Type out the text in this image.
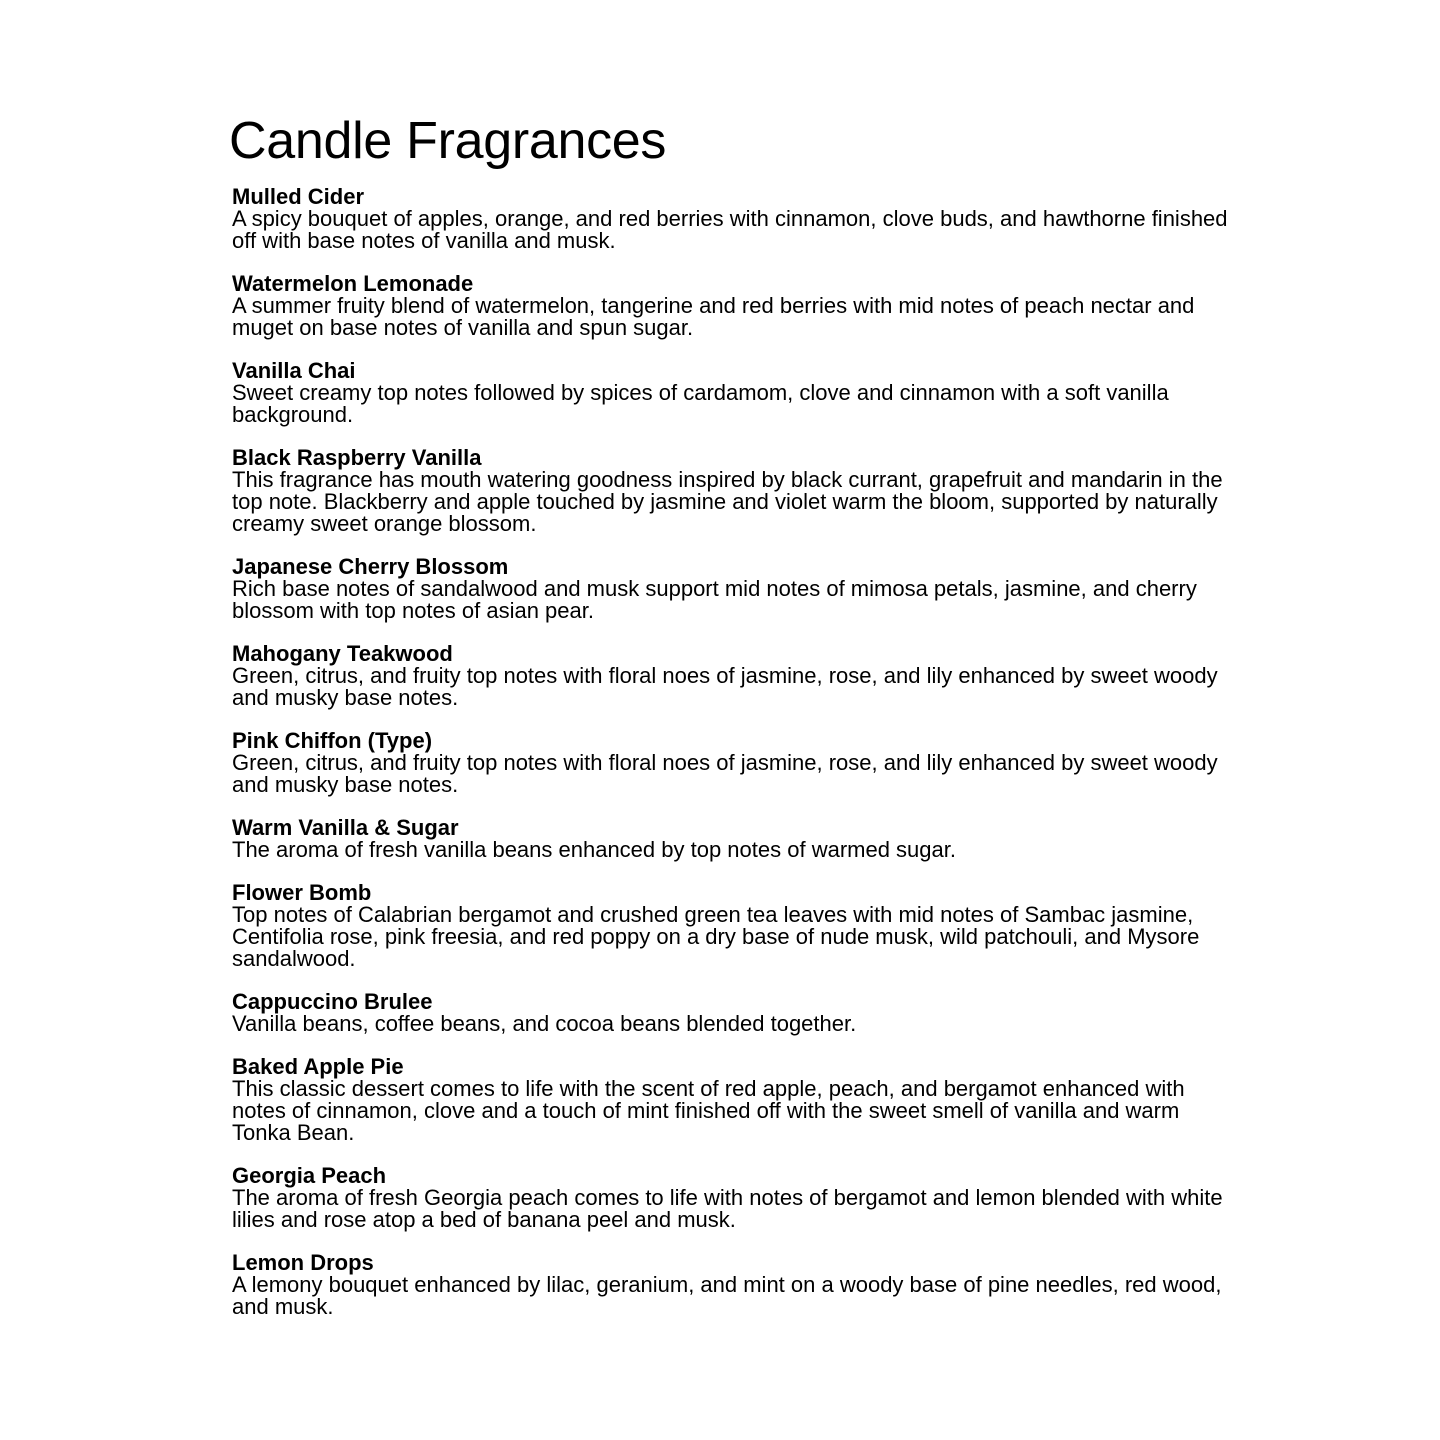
Candle Fragrances
Mulled Cider
A spicy bouquet of apples, orange, and red berries with cinnamon, clove buds, and hawthorne finished off with base notes of vanilla and musk.
Watermelon Lemonade
A summer fruity blend of watermelon, tangerine and red berries with mid notes of peach nectar and muget on base notes of vanilla and spun sugar.
Vanilla Chai
Sweet creamy top notes followed by spices of cardamom, clove and cinnamon with a soft vanilla background.
Black Raspberry Vanilla
This fragrance has mouth watering goodness inspired by black currant, grapefruit and mandarin in the top note. Blackberry and apple touched by jasmine and violet warm the bloom, supported by naturally creamy sweet orange blossom.
Japanese Cherry Blossom
Rich base notes of sandalwood and musk support mid notes of mimosa petals, jasmine, and cherry blossom with top notes of asian pear.
Mahogany Teakwood
Green, citrus, and fruity top notes with floral noes of jasmine, rose, and lily enhanced by sweet woody and musky base notes.
Pink Chiffon (Type)
Green, citrus, and fruity top notes with floral noes of jasmine, rose, and lily enhanced by sweet woody and musky base notes.
Warm Vanilla & Sugar
The aroma of fresh vanilla beans enhanced by top notes of warmed sugar.
Flower Bomb
Top notes of Calabrian bergamot and crushed green tea leaves with mid notes of Sambac jasmine, Centifolia rose, pink freesia, and red poppy on a dry base of nude musk, wild patchouli, and Mysore sandalwood.
Cappuccino Brulee
Vanilla beans, coffee beans, and cocoa beans blended together.
Baked Apple Pie
This classic dessert comes to life with the scent of red apple, peach, and bergamot enhanced with notes of cinnamon, clove and a touch of mint finished off with the sweet smell of vanilla and warm Tonka Bean.
Georgia Peach
The aroma of fresh Georgia peach comes to life with notes of bergamot and lemon blended with white lilies and rose atop a bed of banana peel and musk.
Lemon Drops
A lemony bouquet enhanced by lilac, geranium, and mint on a woody base of pine needles, red wood, and musk.
